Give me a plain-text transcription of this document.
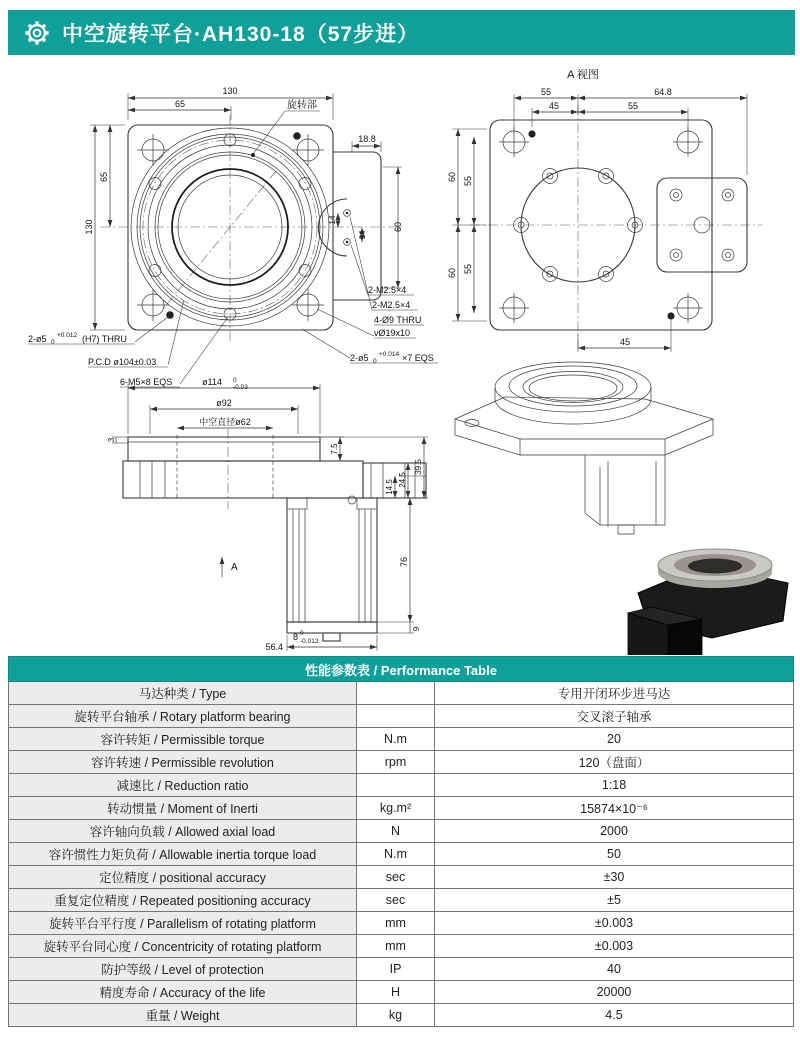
中空旋转平台·AH130-18（57步进）
130
65	旋转部
130
65
18.8
60
14
14
2-M2.5×4
2-M2.5×4
4-Ø9 THRU
vØ19x10
2-ø5 0
+0.014 ×7 EQS
2-ø5 0
+0.012 (H7) THRU
P.C.D ø104±0.03
6-M5×8 EQS
A 视图
55	64.8
45	55
60
60
55
55
45
A
ø114 0
-0.03
ø92
中空直径ø62
7.5
3
14.5 24.5
39.5
76
9
8 0
-0.012
56.4
性能参数表 / Performance Table		
马达种类 / Type		专用开闭环步进马达
旋转平台轴承 / Rotary platform bearing		交叉滚子轴承
容许转矩 / Permissible torque	N.m	20
容许转速 / Permissible revolution	rpm	120（盘面）
减速比 / Reduction ratio		1:18
转动惯量 / Moment of Inerti	kg.m²	15874×10⁻⁶
容许轴向负载 / Allowed axial load	N	2000
容许惯性力矩负荷 / Allowable inertia torque load	N.m	50
定位精度 / positional accuracy	sec	±30
重复定位精度 / Repeated positioning accuracy	sec	±5
旋转平台平行度 / Parallelism of rotating platform	mm	±0.003
旋转平台同心度 / Concentricity of rotating platform	mm	±0.003
防护等级 / Level of protection	IP	40
精度寿命 / Accuracy of the life	H	20000
重量 / Weight	kg	4.5
